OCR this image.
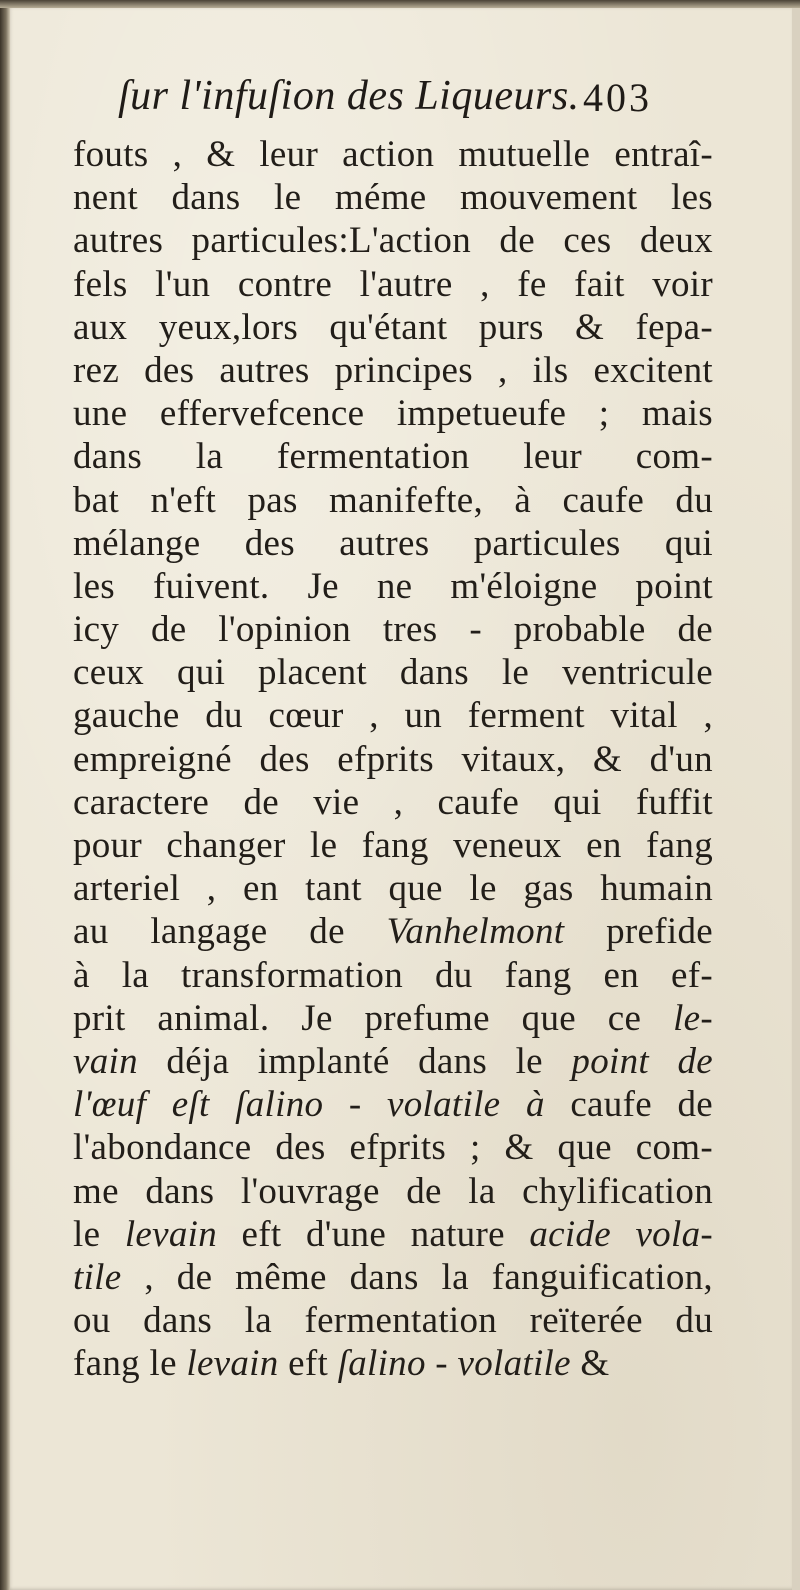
ſur l'infuſion des Liqueurs. 403
fouts , & leur action mutuelle entraî-
nent dans le méme mouvement les
autres particules:L'action de ces deux
fels l'un contre l'autre , fe fait voir
aux yeux,lors qu'étant purs & fepa-
rez des autres principes , ils excitent
une effervefcence impetueufe ; mais
dans la fermentation leur com-
bat n'eft pas manifefte, à caufe du
mélange des autres particules qui
les fuivent. Je ne m'éloigne point
icy de l'opinion tres - probable de
ceux qui placent dans le ventricule
gauche du cœur , un ferment vital ,
empreigné des efprits vitaux, & d'un
caractere de vie , caufe qui fuffit
pour changer le fang veneux en fang
arteriel , en tant que le gas humain
au langage de Vanhelmont prefide
à la transformation du fang en ef-
prit animal. Je prefume que ce le-
vain déja implanté dans le point de
l'œuf eſt ſalino - volatile à caufe de
l'abondance des efprits ; & que com-
me dans l'ouvrage de la chylification
le levain eft d'une nature acide vola-
tile , de même dans la fanguification,
ou dans la fermentation reïterée du
fang le levain eft ſalino - volatile &
